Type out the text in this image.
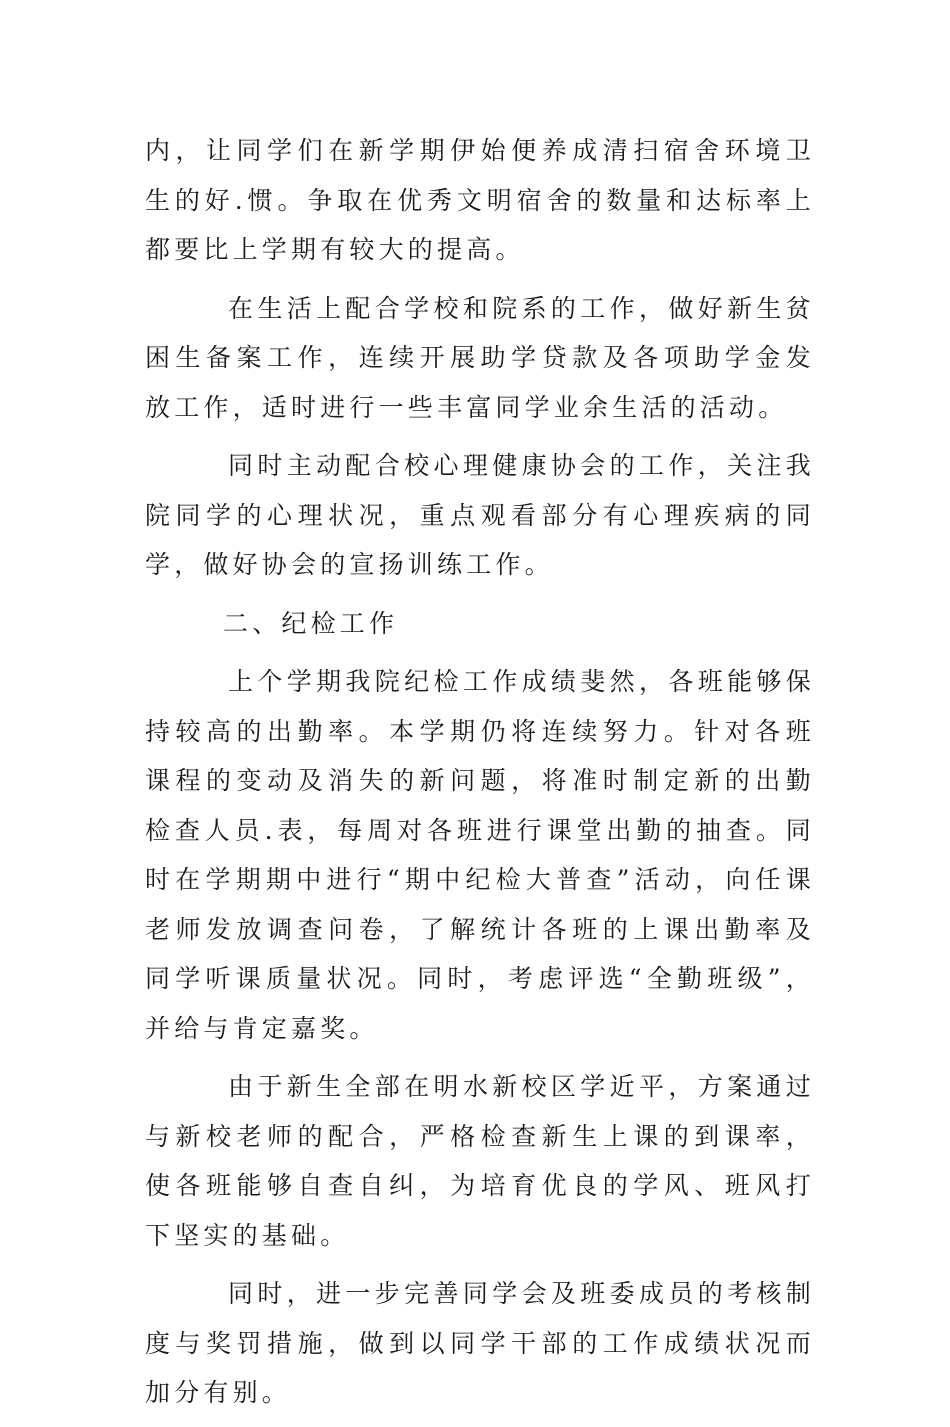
内，让同学们在新学期伊始便养成清扫宿舍环境卫生的好.惯。争取在优秀文明宿舍的数量和达标率上都要比上学期有较大的提高。

在生活上配合学校和院系的工作，做好新生贫困生备案工作，连续开展助学贷款及各项助学金发放工作，适时进行一些丰富同学业余生活的活动。

同时主动配合校心理健康协会的工作，关注我院同学的心理状况，重点观看部分有心理疾病的同学，做好协会的宣扬训练工作。

二、纪检工作

上个学期我院纪检工作成绩斐然，各班能够保持较高的出勤率。本学期仍将连续努力。针对各班课程的变动及消失的新问题，将准时制定新的出勤检查人员.表，每周对各班进行课堂出勤的抽查。同时在学期期中进行“期中纪检大普查”活动，向任课老师发放调查问卷，了解统计各班的上课出勤率及同学听课质量状况。同时，考虑评选“全勤班级”，并给与肯定嘉奖。

由于新生全部在明水新校区学近平，方案通过与新校老师的配合，严格检查新生上课的到课率，使各班能够自查自纠，为培育优良的学风、班风打下坚实的基础。

同时，进一步完善同学会及班委成员的考核制度与奖罚措施，做到以同学干部的工作成绩状况而加分有别。
